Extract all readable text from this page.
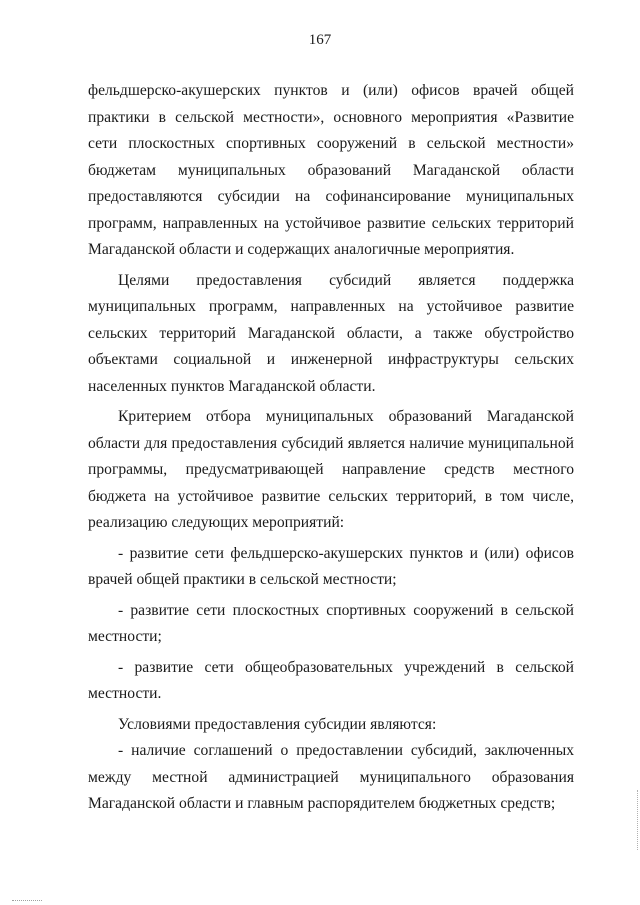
167

фельдшерско-акушерских пунктов и (или) офисов врачей общей практики в сельской местности», основного мероприятия «Развитие сети плоскостных спортивных сооружений в сельской местности» бюджетам муниципальных образований Магаданской области предоставляются субсидии на софинансирование муниципальных программ, направленных на устойчивое развитие сельских территорий Магаданской области и содержащих аналогичные мероприятия.

Целями предоставления субсидий является поддержка муниципальных программ, направленных на устойчивое развитие сельских территорий Магаданской области, а также обустройство объектами социальной и инженерной инфраструктуры сельских населенных пунктов Магаданской области.

Критерием отбора муниципальных образований Магаданской области для предоставления субсидий является наличие муниципальной программы, предусматривающей направление средств местного бюджета на устойчивое развитие сельских территорий, в том числе, реализацию следующих мероприятий:

- развитие сети фельдшерско-акушерских пунктов и (или) офисов врачей общей практики в сельской местности;

- развитие сети плоскостных спортивных сооружений в сельской местности;

- развитие сети общеобразовательных учреждений в сельской местности.

Условиями предоставления субсидии являются:

- наличие соглашений о предоставлении субсидий, заключенных между местной администрацией муниципального образования Магаданской области и главным распорядителем бюджетных средств;
